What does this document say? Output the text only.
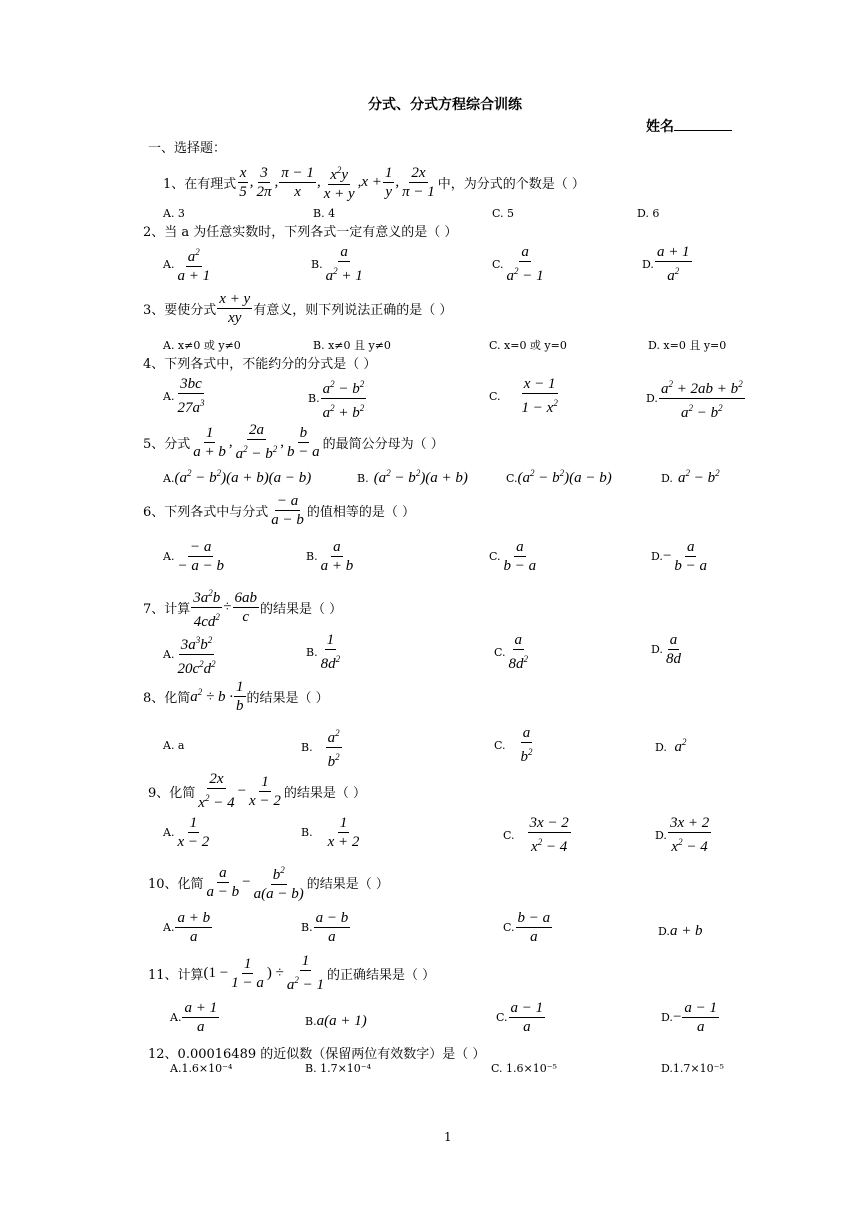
分式、分式方程综合训练
姓名
一、选择题：
1、在有理式 $\frac{x}{5}$ , $\frac{3}{2\pi}$ , $\frac{\pi - 1}{x}$ , $\frac{x^2y}{x + y}$ , $x + \frac{1}{y}$ , $\frac{2x}{\pi - 1}$ 中，为分式的个数是（ ）
A. 3	B. 4	C. 5	D. 6
2、当 a 为任意实数时，下列各式一定有意义的是（ ）
A. $\frac{a^2}{a + 1}$	B. $\frac{a}{a^2 + 1}$	C. $\frac{a}{a^2 - 1}$	D. $\frac{a + 1}{a^2}$
3、要使分式 $\frac{x + y}{xy}$ 有意义，则下列说法正确的是（ ）
A. x≠0 或 y≠0	B. x≠0 且 y≠0	C. x=0 或 y=0	D. x=0 且 y=0
4、下列各式中，不能约分的分式是（ ）
A. $\frac{3bc}{27a^3}$	B. $\frac{a^2 - b^2}{a^2 + b^2}$	C. $\frac{x - 1}{1 - x^2}$	D. $\frac{a^2 + 2ab + b^2}{a^2 - b^2}$
5、分式 $\frac{1}{a + b}$ , $\frac{2a}{a^2 - b^2}$ , $\frac{b}{b - a}$ 的最简公分母为（ ）
$A.(a^2 - b^2)(a + b)(a - b)$	B. $(a^2 - b^2)(a + b)$	$C.(a^2 - b^2)(a - b)$	D. $a^2 - b^2$
6、下列各式中与分式 $\frac{- a}{a - b}$ 的值相等的是（ ）
A. $\frac{- a}{- a - b}$	B. $\frac{a}{a + b}$	C. $\frac{a}{b - a}$	D. − $\frac{a}{b - a}$
7、计算 $\frac{3a^2b}{4cd^2} \div \frac{6ab}{c}$ 的结果是（ ）
A. $\frac{3a^3b^2}{20c^2d^2}$	B. $\frac{1}{8d^2}$	C. $\frac{a}{8d^2}$	D. $\frac{a}{8d}$
8、化简 $a^2 \div b \cdot \frac{1}{b}$ 的结果是（ ）
A. a	B. $\frac{a^2}{b^2}$	C. $\frac{a}{b^2}$	D.  $a^2$
9、化简 $\frac{2x}{x^2 - 4} - \frac{1}{x - 2}$ 的结果是（ ）
A. $\frac{1}{x - 2}$	B. $\frac{1}{x + 2}$	C. $\frac{3x - 2}{x^2 - 4}$	D. $\frac{3x + 2}{x^2 - 4}$
10、化简 $\frac{a}{a - b} - \frac{b^2}{a(a - b)}$ 的结果是（ ）
A. $\frac{a + b}{a}$	B. $\frac{a - b}{a}$	C. $\frac{b - a}{a}$	D.a + b
11、计算 ($1 - \frac{1}{1 - a}$ ) ÷ $\frac{1}{a^2 - 1}$ 的正确结果是（ ）
A. $\frac{a + 1}{a}$	B.a(a + 1)	C. $\frac{a - 1}{a}$	D. − $\frac{a - 1}{a}$
12、0.00016489 的近似数（保留两位有效数字）是（ ）
A.1.6×10⁻⁴	B. 1.7×10⁻⁴	C. 1.6×10⁻⁵	D.1.7×10⁻⁵
1
